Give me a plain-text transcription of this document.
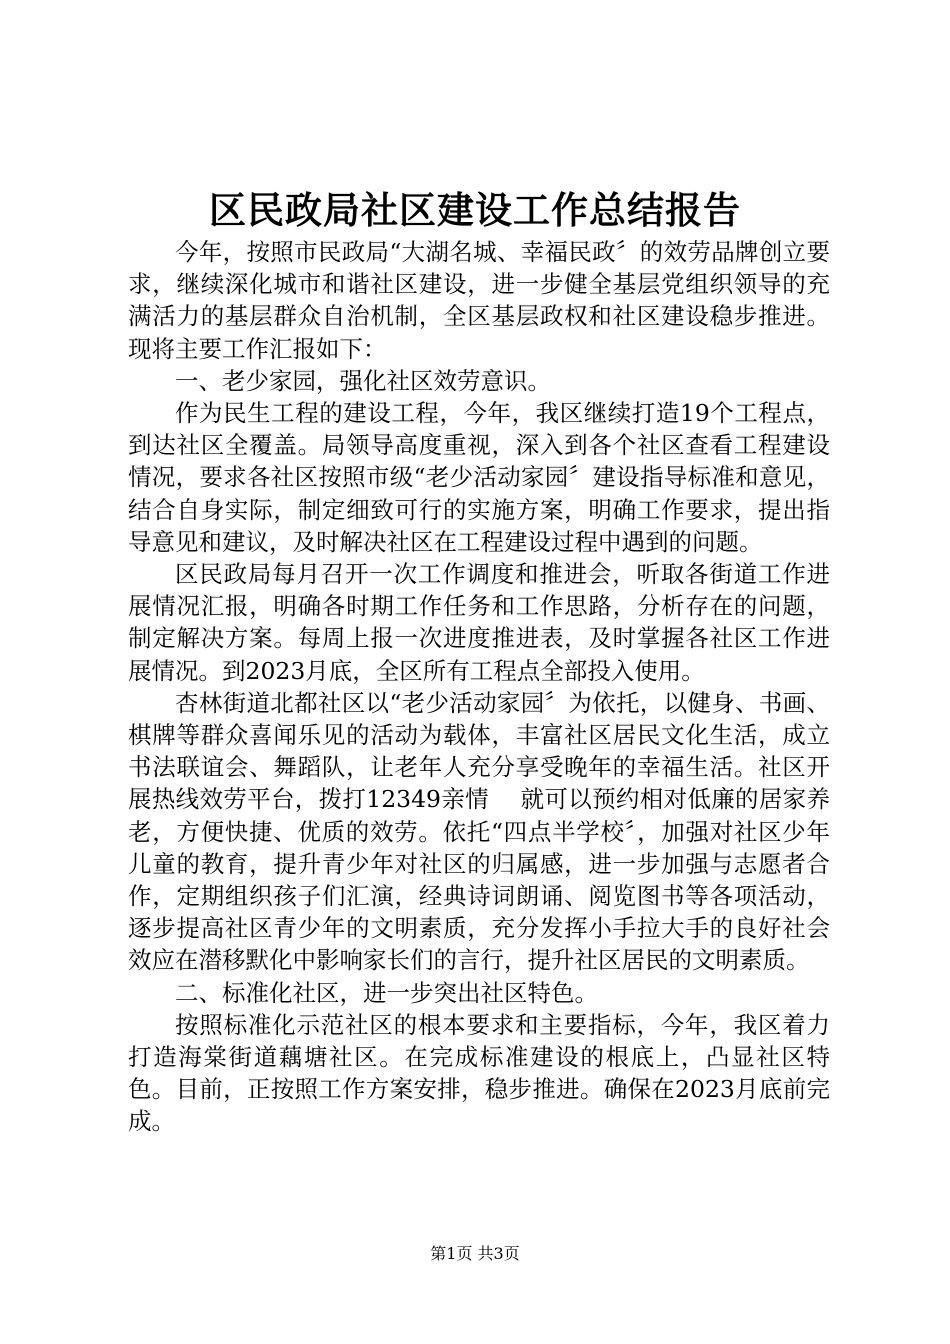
区民政局社区建设工作总结报告

今年，按照市民政局“大湖名城、幸福民政〞的效劳品牌创立要求，继续深化城市和谐社区建设，进一步健全基层党组织领导的充满活力的基层群众自治机制，全区基层政权和社区建设稳步推进。现将主要工作汇报如下：

一、老少家园，强化社区效劳意识。

作为民生工程的建设工程，今年，我区继续打造19个工程点，到达社区全覆盖。局领导高度重视，深入到各个社区查看工程建设情况，要求各社区按照市级“老少活动家园〞建设指导标准和意见，结合自身实际，制定细致可行的实施方案，明确工作要求，提出指导意见和建议，及时解决社区在工程建设过程中遇到的问题。

区民政局每月召开一次工作调度和推进会，听取各街道工作进展情况汇报，明确各时期工作任务和工作思路，分析存在的问题，制定解决方案。每周上报一次进度推进表，及时掌握各社区工作进展情况。到2023月底，全区所有工程点全部投入使用。

杏林街道北都社区以“老少活动家园〞为依托，以健身、书画、棋牌等群众喜闻乐见的活动为载体，丰富社区居民文化生活，成立书法联谊会、舞蹈队，让老年人充分享受晚年的幸福生活。社区开展热线效劳平台，拨打12349亲情　 就可以预约相对低廉的居家养老，方便快捷、优质的效劳。依托“四点半学校〞，加强对社区少年儿童的教育，提升青少年对社区的归属感，进一步加强与志愿者合作，定期组织孩子们汇演，经典诗词朗诵、阅览图书等各项活动，逐步提高社区青少年的文明素质，充分发挥小手拉大手的良好社会效应在潜移默化中影响家长们的言行，提升社区居民的文明素质。

二、标准化社区，进一步突出社区特色。

按照标准化示范社区的根本要求和主要指标，今年，我区着力打造海棠街道藕塘社区。在完成标准建设的根底上，凸显社区特色。目前，正按照工作方案安排，稳步推进。确保在2023月底前完成。

第1页 共3页
